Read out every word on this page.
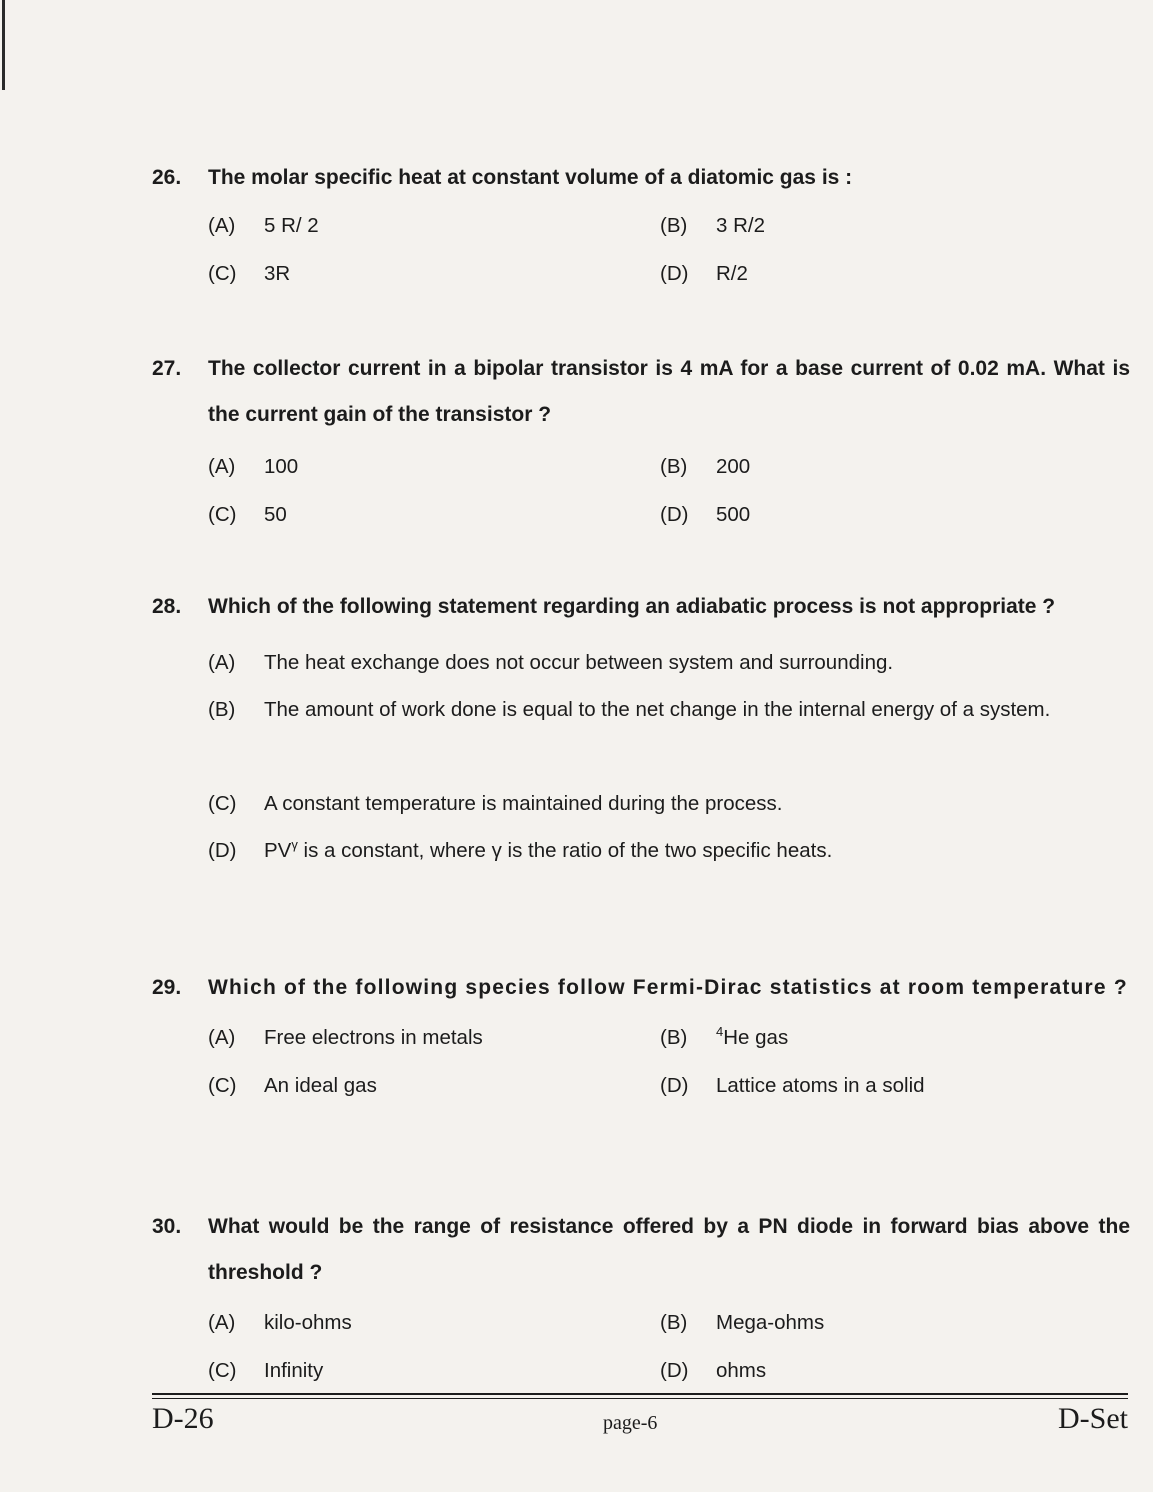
26.	The molar specific heat at constant volume of a diatomic gas is :
(A)	5 R/ 2	(B)	3 R/2
(C)	3R	(D)	R/2
27.	The collector current in a bipolar transistor is 4 mA for a base current of 0.02 mA. What is the current gain of the transistor ?
(A)	100	(B)	200
(C)	50	(D)	500
28.	Which of the following statement regarding an adiabatic process is not appropriate ?
(A)	The heat exchange does not occur between system and surrounding.
(B)	The amount of work done is equal to the net change in the internal energy of a system.
(C)	A constant temperature is maintained during the process.
(D)	$PV^\gamma$ is a constant, where γ is the ratio of the two specific heats.
29.	Which of the following species follow Fermi-Dirac statistics at room temperature ?
(A)	Free electrons in metals	(B)	$^4$He gas
(C)	An ideal gas	(D)	Lattice atoms in a solid
30.	What would be the range of resistance offered by a PN diode in forward bias above the threshold ?
(A)	kilo-ohms	(B)	Mega-ohms
(C)	Infinity	(D)	ohms
D-26	page-6	D-Set
